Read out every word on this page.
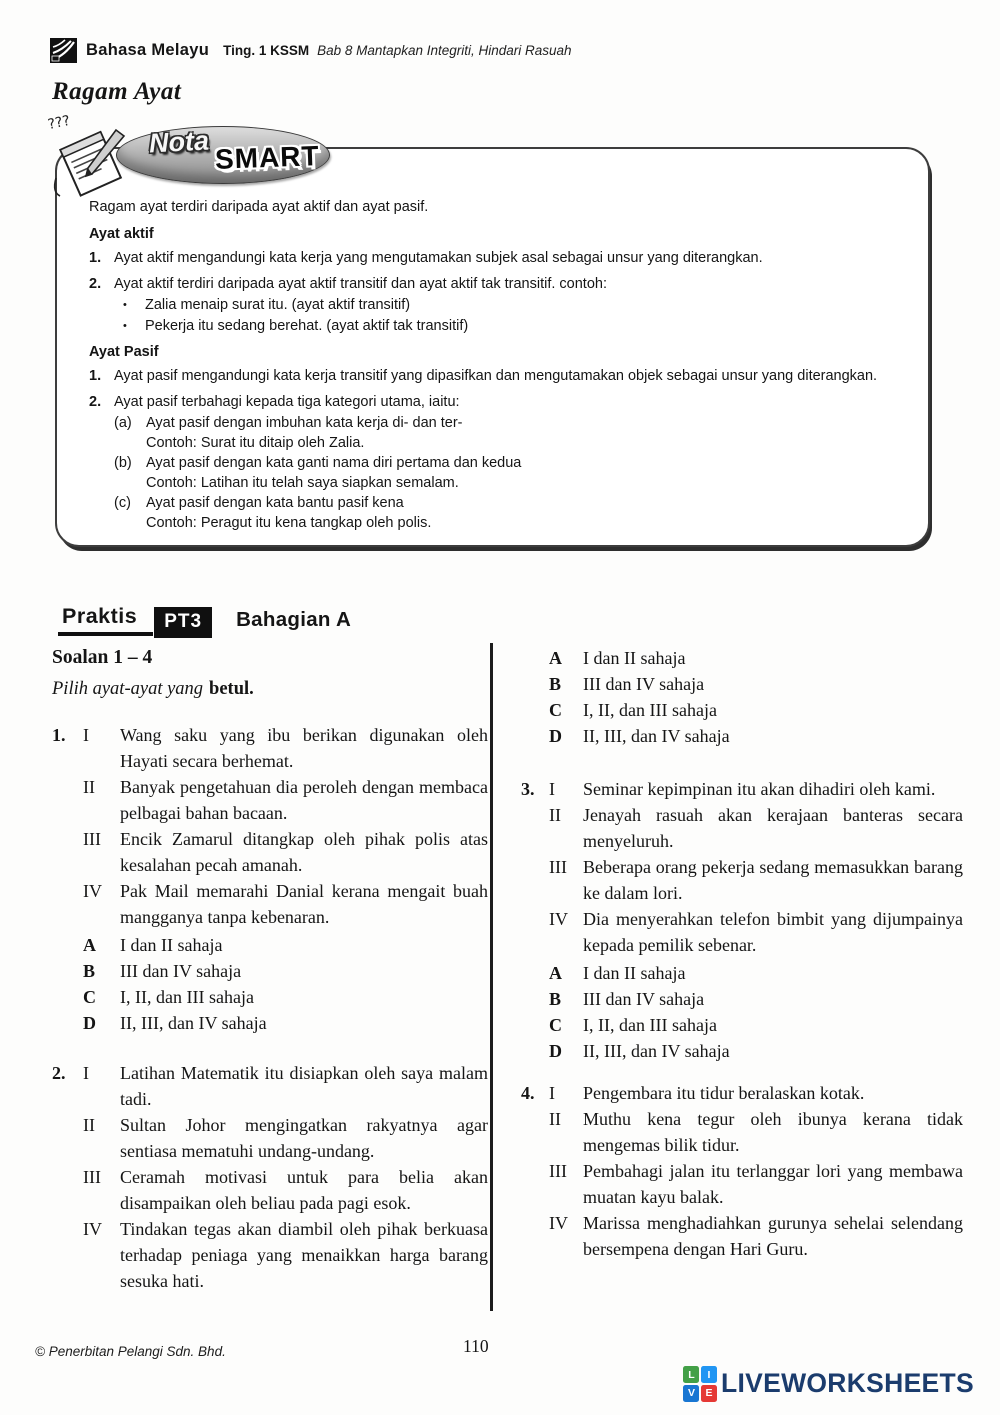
Bahasa Melayu Ting. 1 KSSM Bab 8 Mantapkan Integriti, Hindari Rasuah
Ragam Ayat

Ragam ayat terdiri daripada ayat aktif dan ayat pasif.

Ayat aktif
1. Ayat aktif mengandungi kata kerja yang mengutamakan subjek asal sebagai unsur yang diterangkan.
2. Ayat aktif terdiri daripada ayat aktif transitif dan ayat aktif tak transitif. contoh:
•	Zalia menaip surat itu. (ayat aktif transitif)
•	Pekerja itu sedang berehat. (ayat aktif tak transitif)
Ayat Pasif
1. Ayat pasif mengandungi kata kerja transitif yang dipasifkan dan mengutamakan objek sebagai unsur yang diterangkan.
2. Ayat pasif terbahagi kepada tiga kategori utama, iaitu:
(a) Ayat pasif dengan imbuhan kata kerja di- dan ter-
Contoh: Surat itu ditaip oleh Zalia.
(b) Ayat pasif dengan kata ganti nama diri pertama dan kedua
Contoh: Latihan itu telah saya siapkan semalam.
(c)	Ayat pasif dengan kata bantu pasif kena
Contoh: Peragut itu kena tangkap oleh polis.
???
Nota SMART
Praktis	PT3	Bahagian A
Soalan 1 – 4
Pilih ayat-ayat yang betul.
1. I	Wang saku yang ibu berikan digunakan oleh Hayati secara berhemat.
II	Banyak pengetahuan dia peroleh dengan membaca pelbagai bahan bacaan.
III	Encik Zamarul ditangkap oleh pihak polis atas kesalahan pecah amanah.
IV	Pak Mail memarahi Danial kerana mengait buah mangganya tanpa kebenaran.
A	I dan II sahaja
B	III dan IV sahaja
C	I, II, dan III sahaja
D	II, III, dan IV sahaja
2. I	Latihan Matematik itu disiapkan oleh saya malam tadi.
II	Sultan Johor mengingatkan rakyatnya agar sentiasa mematuhi undang-undang.
III	Ceramah motivasi untuk para belia akan disampaikan oleh beliau pada pagi esok.
IV	Tindakan tegas akan diambil oleh pihak berkuasa terhadap peniaga yang menaikkan harga barang sesuka hati.
A	I dan II sahaja
B	III dan IV sahaja
C	I, II, dan III sahaja
D	II, III, dan IV sahaja
3. I	Seminar kepimpinan itu akan dihadiri oleh kami.
II	Jenayah rasuah akan kerajaan banteras secara menyeluruh.
III Beberapa orang pekerja sedang memasukkan barang ke dalam lori.
IV Dia menyerahkan telefon bimbit yang dijumpainya kepada pemilik sebenar.
A	I dan II sahaja
B	III dan IV sahaja
C	I, II, dan III sahaja
D	II, III, dan IV sahaja
4. I	Pengembara itu tidur beralaskan kotak.
II	Muthu kena tegur oleh ibunya kerana tidak mengemas bilik tidur.
III Pembahagi jalan itu terlanggar lori yang membawa muatan kayu balak.
IV Marissa menghadiahkan gurunya sehelai selendang bersempena dengan Hari Guru.
© Penerbitan Pelangi Sdn. Bhd.	110
L	I
V E LIVEWORKSHEETS
